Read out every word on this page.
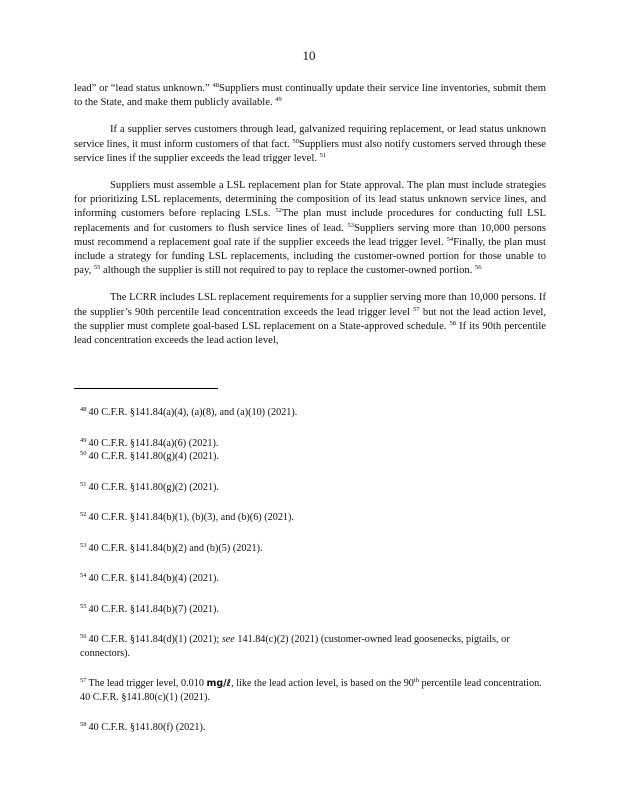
10

lead” or “lead status unknown.” $^{48}$Suppliers must continually update their service line inventories, submit them to the State, and make them publicly available. $^{49}$

If a supplier serves customers through lead, galvanized requiring replacement, or lead status unknown service lines, it must inform customers of that fact. $^{50}$Suppliers must also notify customers served through these service lines if the supplier exceeds the lead trigger level. $^{51}$

Suppliers must assemble a LSL replacement plan for State approval. The plan must include strategies for prioritizing LSL replacements, determining the composition of its lead status unknown service lines, and informing customers before replacing LSLs. $^{52}$The plan must include procedures for conducting full LSL replacements and for customers to flush service lines of lead. $^{53}$Suppliers serving more than 10,000 persons must recommend a replacement goal rate if the supplier exceeds the lead trigger level. $^{54}$Finally, the plan must include a strategy for funding LSL replacements, including the customer-owned portion for those unable to pay, $^{55}$ although the supplier is still not required to pay to replace the customer-owned portion. $^{56}$

The LCRR includes LSL replacement requirements for a supplier serving more than 10,000 persons. If the supplier’s 90th percentile lead concentration exceeds the lead trigger level $^{57}$ but not the lead action level, the supplier must complete goal-based LSL replacement on a State-approved schedule. $^{58}$ If its 90th percentile lead concentration exceeds the lead action level,

$^{48}$ 40 C.F.R. §141.84(a)(4), (a)(8), and (a)(10) (2021).

$^{49}$ 40 C.F.R. §141.84(a)(6) (2021).

$^{50}$ 40 C.F.R. §141.80(g)(4) (2021).

$^{51}$ 40 C.F.R. §141.80(g)(2) (2021).

$^{52}$ 40 C.F.R. §141.84(b)(1), (b)(3), and (b)(6) (2021).

$^{53}$ 40 C.F.R. §141.84(b)(2) and (b)(5) (2021).

$^{54}$ 40 C.F.R. §141.84(b)(4) (2021).

$^{55}$ 40 C.F.R. §141.84(b)(7) (2021).

$^{56}$ 40 C.F.R. §141.84(d)(1) (2021); see 141.84(c)(2) (2021) (customer-owned lead goosenecks, pigtails, or connectors).

$^{57}$ The lead trigger level, 0.010 mg/ℓ, like the lead action level, is based on the 90th percentile lead concentration. 40 C.F.R. §141.80(c)(1) (2021).

$^{58}$ 40 C.F.R. §141.80(f) (2021).
